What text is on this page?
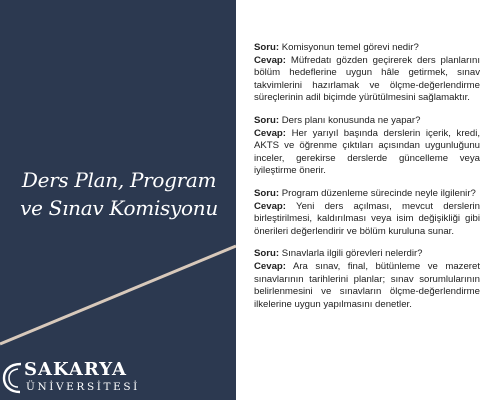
Ders Plan, Program
ve Sınav Komisyonu
SAKARYA
ÜNİVERSİTESİ
Soru: Komisyonun temel görevi nedir?
Cevap: Müfredatı gözden geçirerek ders planlarını bölüm hedeflerine uygun hâle getirmek, sınav takvimlerini hazırlamak ve ölçme-değerlendirme süreçlerinin adil biçimde yürütülmesini sağlamaktır.
Soru: Ders planı konusunda ne yapar?
Cevap: Her yarıyıl başında derslerin içerik, kredi, AKTS ve öğrenme çıktıları açısından uygunluğunu inceler, gerekirse derslerde güncelleme veya iyileştirme önerir.
Soru: Program düzenleme sürecinde neyle ilgilenir?
Cevap: Yeni ders açılması, mevcut derslerin birleştirilmesi, kaldırılması veya isim değişikliği gibi önerileri değerlendirir ve bölüm kuruluna sunar.
Soru: Sınavlarla ilgili görevleri nelerdir?
Cevap: Ara sınav, final, bütünleme ve mazeret sınavlarının tarihlerini planlar; sınav sorumlularının belirlenmesini ve sınavların ölçme-değerlendirme ilkelerine uygun yapılmasını denetler.
